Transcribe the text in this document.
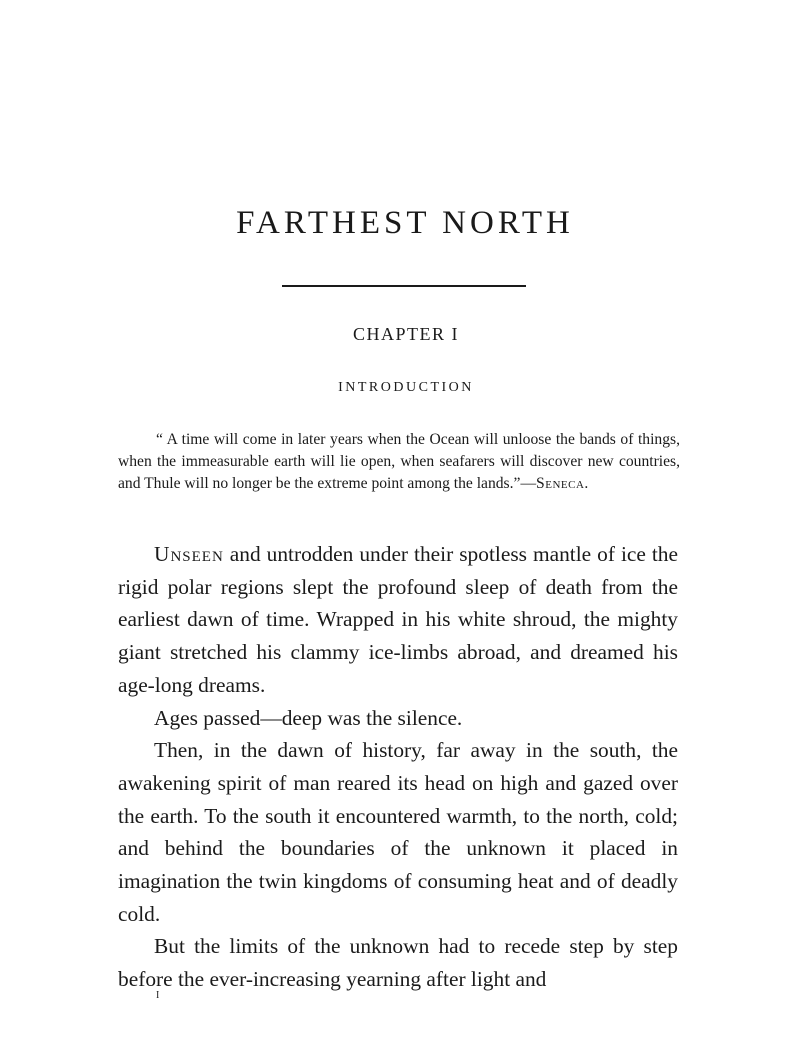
FARTHEST NORTH
CHAPTER I
INTRODUCTION

“ A time will come in later years when the Ocean will unloose the bands of things, when the immeasurable earth will lie open, when seafarers will discover new countries, and Thule will no longer be the extreme point among the lands.”—Seneca.

Unseen and untrodden under their spotless mantle of ice the rigid polar regions slept the profound sleep of death from the earliest dawn of time. Wrapped in his white shroud, the mighty giant stretched his clammy ice-limbs abroad, and dreamed his age-long dreams.

Ages passed—deep was the silence.

Then, in the dawn of history, far away in the south, the awakening spirit of man reared its head on high and gazed over the earth. To the south it encountered warmth, to the north, cold; and behind the boundaries of the unknown it placed in imagination the twin kingdoms of consuming heat and of deadly cold.

But the limits of the unknown had to recede step by step before the ever-increasing yearning after light and

I
